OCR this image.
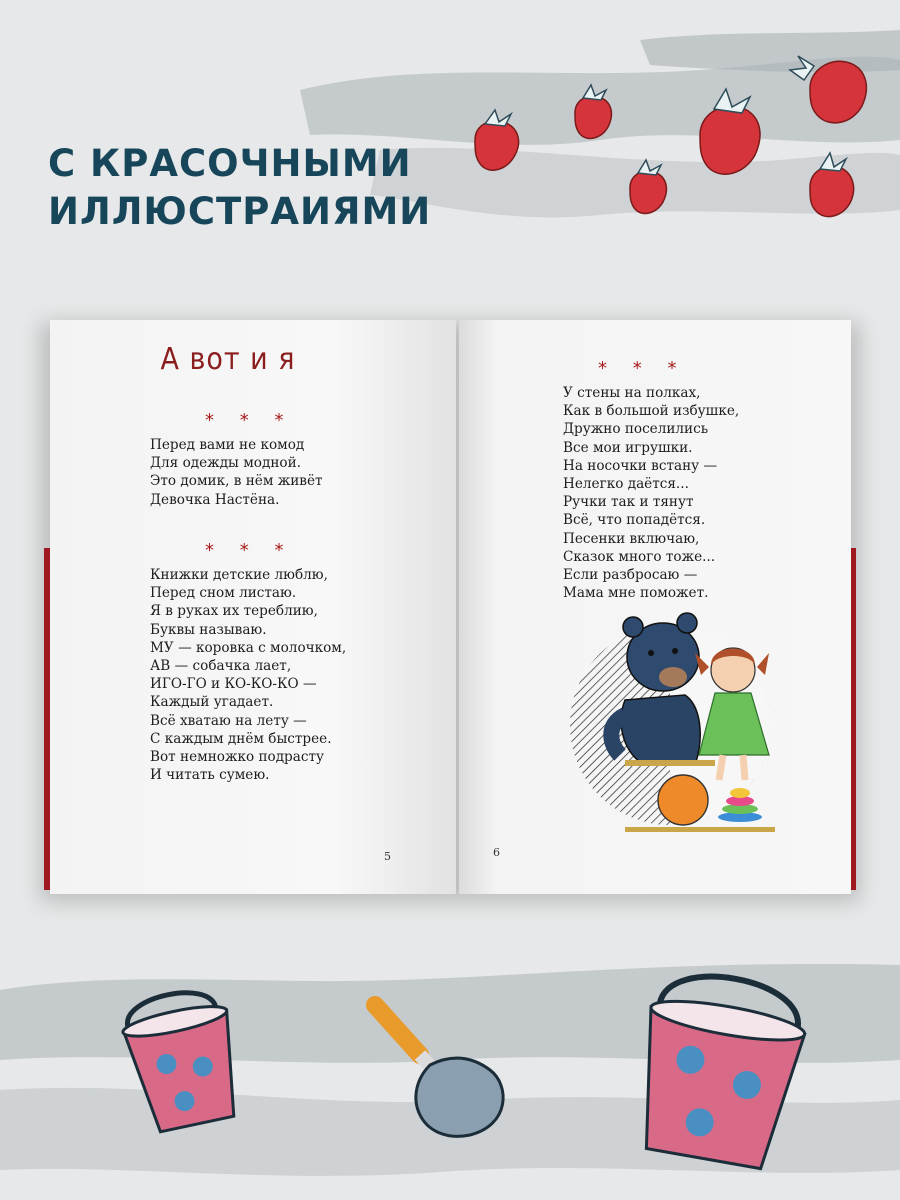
С КРАСОЧНЫМИ
ИЛЛЮСТРАИЯМИ
А вот и я
* * *
Перед вами не комод
Для одежды модной.
Это домик, в нём живёт
Девочка Настёна.
* * *
Книжки детские люблю,
Перед сном листаю.
Я в руках их тереблию,
Буквы называю.
МУ — коровка с молочком,
АВ — собачка лает,
ИГО-ГО и КО-КО-КО —
Каждый угадает.
Всё хватаю на лету —
С каждым днём быстрее.
Вот немножко подрасту
И читать сумею.
5
* * *
У стены на полках,
Как в большой избушке,
Дружно поселились
Все мои игрушки.
На носочки встану —
Нелегко даётся...
Ручки так и тянут
Всё, что попадётся.
Песенки включаю,
Сказок много тоже...
Если разбросаю —
Мама мне поможет.
6
